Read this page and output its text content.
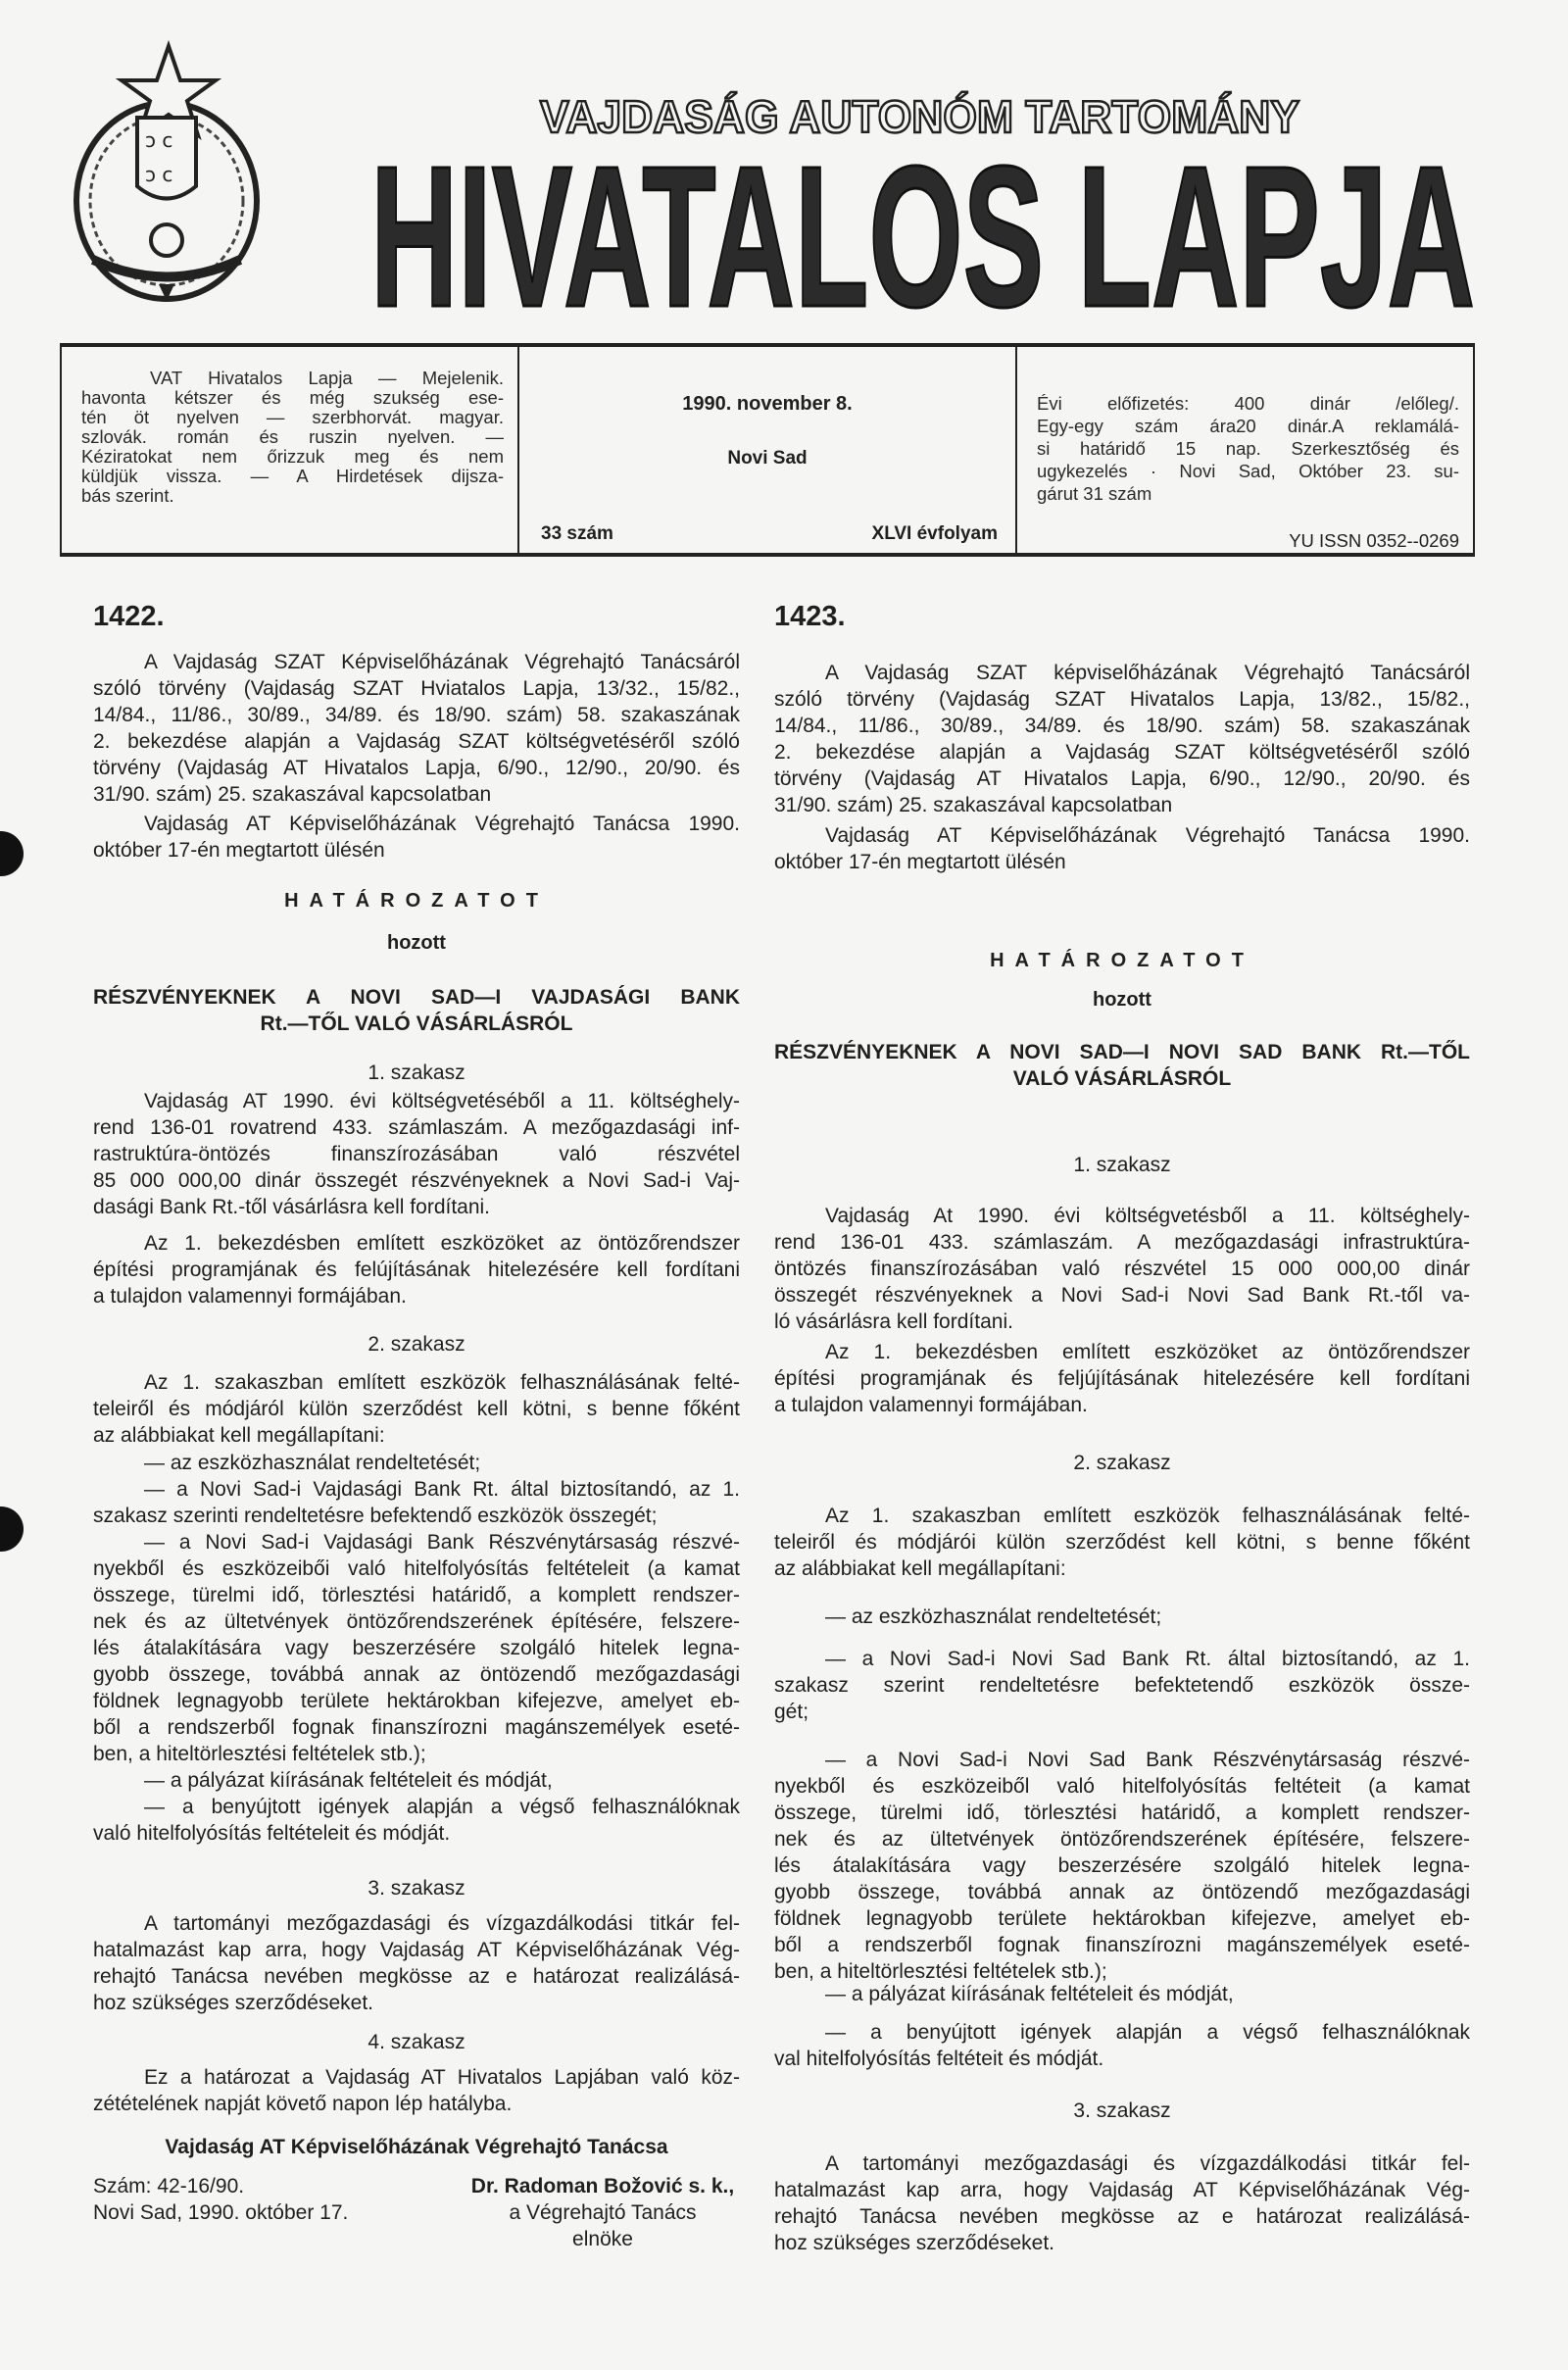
ↄ c
ↄ c
VAJDASÁG AUTONÓM TARTOMÁNY
HIVATALOS LAPJA
VAT Hivatalos Lapja — Mejelenik.
havonta kétszer és még szukség ese-
tén öt nyelven — szerbhorvát. magyar.
szlovák. román és ruszin nyelven. —
Kéziratokat nem őrizzuk meg és nem
küldjük vissza. — A Hirdetések dijsza-
bás szerint.
1990. november 8.
Novi Sad
33 szám	XLVI évfolyam
Évi előfizetés: 400 dinár /előleg/.
Egy-egy szám ára20 dinár.A reklamálá-
si határidő 15 nap. Szerkesztőség és
ugykezelés · Novi Sad, Október 23. su-
gárut 31 szám
YU ISSN 0352--0269
1422.
A Vajdaság SZAT Képviselőházának Végrehajtó Tanácsáról
szóló törvény (Vajdaság SZAT Hviatalos Lapja, 13/32., 15/82.,
14/84., 11/86., 30/89., 34/89. és 18/90. szám) 58. szakaszának
2. bekezdése alapján a Vajdaság SZAT költségvetéséről szóló
törvény (Vajdaság AT Hivatalos Lapja, 6/90., 12/90., 20/90. és
31/90. szám) 25. szakaszával kapcsolatban
Vajdaság AT Képviselőházának Végrehajtó Tanácsa 1990.
október 17-én megtartott ülésén
HATÁROZATOT
hozott
RÉSZVÉNYEKNEK A NOVI SAD—I VAJDASÁGI BANK
Rt.—TŐL VALÓ VÁSÁRLÁSRÓL
1. szakasz
Vajdaság AT 1990. évi költségvetéséből a 11. költséghely-
rend 136-01 rovatrend 433. számlaszám. A mezőgazdasági inf-
rastruktúra-öntözés finanszírozásában való részvétel
85 000 000,00 dinár összegét részvényeknek a Novi Sad-i Vaj-
dasági Bank Rt.-től vásárlásra kell fordítani.
Az 1. bekezdésben említett eszközöket az öntözőrendszer
építési programjának és felújításának hitelezésére kell fordítani
a tulajdon valamennyi formájában.
2. szakasz
Az 1. szakaszban említett eszközök felhasználásának felté-
teleiről és módjáról külön szerződést kell kötni, s benne főként
az alábbiakat kell megállapítani:
— az eszközhasználat rendeltetését;
— a Novi Sad-i Vajdasági Bank Rt. által biztosítandó, az 1.
szakasz szerinti rendeltetésre befektendő eszközök összegét;
— a Novi Sad-i Vajdasági Bank Részvénytársaság részvé-
nyekből és eszközeibői való hitelfolyósítás feltételeit (a kamat
összege, türelmi idő, törlesztési határidő, a komplett rendszer-
nek és az ültetvények öntözőrendszerének építésére, felszere-
lés átalakítására vagy beszerzésére szolgáló hitelek legna-
gyobb összege, továbbá annak az öntözendő mezőgazdasági
földnek legnagyobb területe hektárokban kifejezve, amelyet eb-
ből a rendszerből fognak finanszírozni magánszemélyek eseté-
ben, a hiteltörlesztési feltételek stb.);
— a pályázat kiírásának feltételeit és módját,
— a benyújtott igények alapján a végső felhasználóknak
való hitelfolyósítás feltételeit és módját.
3. szakasz
A tartományi mezőgazdasági és vízgazdálkodási titkár fel-
hatalmazást kap arra, hogy Vajdaság AT Képviselőházának Vég-
rehajtó Tanácsa nevében megkösse az e határozat realizálásá-
hoz szükséges szerződéseket.
4. szakasz
Ez a határozat a Vajdaság AT Hivatalos Lapjában való köz-
zétételének napját követő napon lép hatályba.
Vajdaság AT Képviselőházának Végrehajtó Tanácsa
Szám: 42-16/90.
Novi Sad, 1990. október 17.
Dr. Radoman Božović s. k.,
a Végrehajtó Tanács
elnöke
1423.
A Vajdaság SZAT képviselőházának Végrehajtó Tanácsáról
szóló törvény (Vajdaság SZAT Hivatalos Lapja, 13/82., 15/82.,
14/84., 11/86., 30/89., 34/89. és 18/90. szám) 58. szakaszának
2. bekezdése alapján a Vajdaság SZAT költségvetéséről szóló
törvény (Vajdaság AT Hivatalos Lapja, 6/90., 12/90., 20/90. és
31/90. szám) 25. szakaszával kapcsolatban
Vajdaság AT Képviselőházának Végrehajtó Tanácsa 1990.
október 17-én megtartott ülésén
HATÁROZATOT
hozott
RÉSZVÉNYEKNEK A NOVI SAD—I NOVI SAD BANK Rt.—TŐL
VALÓ VÁSÁRLÁSRÓL
1. szakasz
Vajdaság At 1990. évi költségvetésből a 11. költséghely-
rend 136-01 433. számlaszám. A mezőgazdasági infrastruktúra-
öntözés finanszírozásában való részvétel 15 000 000,00 dinár
összegét részvényeknek a Novi Sad-i Novi Sad Bank Rt.-től va-
ló vásárlásra kell fordítani.
Az 1. bekezdésben említett eszközöket az öntözőrendszer
építési programjának és feljújításának hitelezésére kell fordítani
a tulajdon valamennyi formájában.
2. szakasz
Az 1. szakaszban említett eszközök felhasználásának felté-
teleiről és módjárói külön szerződést kell kötni, s benne főként
az alábbiakat kell megállapítani:
— az eszközhasználat rendeltetését;
— a Novi Sad-i Novi Sad Bank Rt. által biztosítandó, az 1.
szakasz szerint rendeltetésre befektetendő eszközök össze-
gét;
— a Novi Sad-i Novi Sad Bank Részvénytársaság részvé-
nyekből és eszközeiből való hitelfolyósítás feltéteit (a kamat
összege, türelmi idő, törlesztési határidő, a komplett rendszer-
nek és az ültetvények öntözőrendszerének építésére, felszere-
lés átalakítására vagy beszerzésére szolgáló hitelek legna-
gyobb összege, továbbá annak az öntözendő mezőgazdasági
földnek legnagyobb területe hektárokban kifejezve, amelyet eb-
ből a rendszerből fognak finanszírozni magánszemélyek eseté-
ben, a hiteltörlesztési feltételek stb.);
— a pályázat kiírásának feltételeit és módját,
— a benyújtott igények alapján a végső felhasználóknak
val hitelfolyósítás feltéteit és módját.
3. szakasz
A tartományi mezőgazdasági és vízgazdálkodási titkár fel-
hatalmazást kap arra, hogy Vajdaság AT Képviselőházának Vég-
rehajtó Tanácsa nevében megkösse az e határozat realizálásá-
hoz szükséges szerződéseket.
